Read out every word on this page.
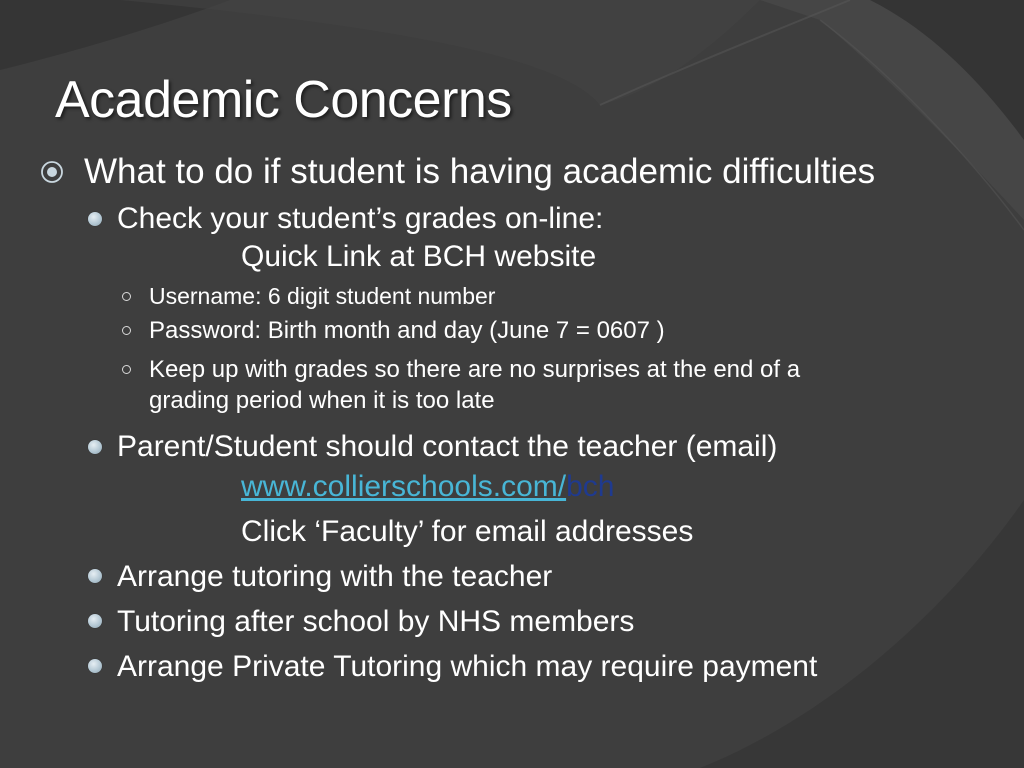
Academic Concerns
What to do if student is having academic difficulties
Check your student’s grades on-line:
Quick Link at BCH website
Username: 6 digit student number
Password: Birth month and day (June 7 = 0607 )
Keep up with grades so there are no surprises at the end of a
grading period when it is too late
Parent/Student should contact the teacher (email)
www.collierschools.com/bch
Click ‘Faculty’ for email addresses
Arrange tutoring with the teacher
Tutoring after school by NHS members
Arrange Private Tutoring which may require payment
